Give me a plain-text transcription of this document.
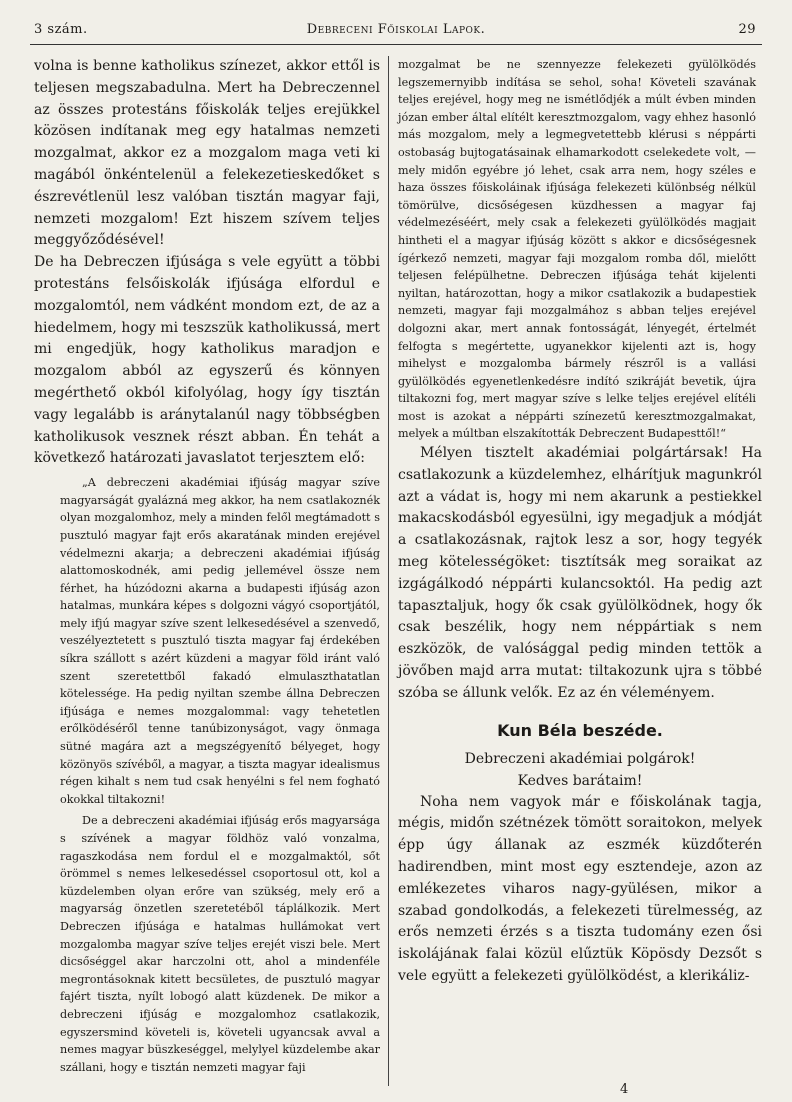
3 szám.	Debreceni Főiskolai Lapok.	29

volna is benne katholikus színezet, akkor ettől is teljesen megszabadulna. Mert ha Debreczennel az összes protestáns főiskolák teljes erejükkel közösen indítanak meg egy hatalmas nemzeti mozgalmat, akkor ez a mozgalom maga veti ki magából önkéntelenül a felekezetieskedőket s észrevétlenül lesz valóban tisztán magyar faji, nemzeti mozgalom! Ezt hiszem szívem teljes meggyőződésével!

De ha Debreczen ifjúsága s vele együtt a többi protestáns felsőiskolák ifjúsága elfordul e mozgalomtól, nem vádként mondom ezt, de az a hiedelmem, hogy mi teszszük katholikussá, mert mi engedjük, hogy katholikus maradjon e mozgalom abból az egyszerű és könnyen megérthető okból kifolyólag, hogy így tisztán vagy legalább is aránytalanúl nagy többségben katholikusok vesznek részt abban. Én tehát a következő határozati javaslatot terjesztem elő:

„A debreczeni akadémiai ifjúság magyar szíve magyarságát gyalázná meg akkor, ha nem csatlakoznék olyan mozgalomhoz, mely a minden felől megtámadott s pusztuló magyar fajt erős akaratának minden erejével védelmezni akarja; a debreczeni akadémiai ifjúság alattomoskodnék, ami pedig jellemével össze nem férhet, ha húzódozni akarna a budapesti ifjúság azon hatalmas, munkára képes s dolgozni vágyó csoportjától, mely ifjú magyar szíve szent lelkesedésével a szenvedő, veszélyeztetett s pusztuló tiszta magyar faj érdekében síkra szállott s azért küzdeni a magyar föld iránt való szent szeretettből fakadó elmulaszthatatlan kötelessége. Ha pedig nyiltan szembe állna Debreczen ifjúsága e nemes mozgalommal: vagy tehetetlen erőlködéséről tenne tanúbizonyságot, vagy önmaga sütné magára azt a megszégyenítő bélyeget, hogy közönyös szívéből, a magyar, a tiszta magyar idealismus régen kihalt s nem tud csak henyélni s fel nem fogható okokkal tiltakozni!

De a debreczeni akadémiai ifjúság erős magyarsága s szívének a magyar földhöz való vonzalma, ragaszkodása nem fordul el e mozgalmaktól, sőt örömmel s nemes lelkesedéssel csoportosul ott, kol a küzdelemben olyan erőre van szükség, mely erő a magyarság önzetlen szeretetéből táplálkozik. Mert Debreczen ifjúsága e hatalmas hullámokat vert mozgalomba magyar szíve teljes erejét viszi bele. Mert dicsőséggel akar harczolni ott, ahol a mindenféle megrontásoknak kitett becsületes, de pusztuló magyar fajért tiszta, nyílt lobogó alatt küzdenek. De mikor a debreczeni ifjúság e mozgalomhoz csatlakozik, egyszersmind követeli is, követeli ugyancsak avval a nemes magyar büszkeséggel, melylyel küzdelembe akar szállani, hogy e tisztán nemzeti magyar faji

mozgalmat be ne szennyezze felekezeti gyülölködés legszemernyibb indítása se sehol, soha! Követeli szavának teljes erejével, hogy meg ne ismétlődjék a múlt évben minden józan ember által elítélt keresztmozgalom, vagy ehhez hasonló más mozgalom, mely a legmegvetettebb klérusi s néppárti ostobaság bujtogatásainak elhamarkodott cselekedete volt, — mely midőn egyébre jó lehet, csak arra nem, hogy széles e haza összes főiskoláinak ifjúsága felekezeti különbség nélkül tömörülve, dicsőségesen küzdhessen a magyar faj védelmezéséért, mely csak a felekezeti gyülölködés magjait hintheti el a magyar ifjúság között s akkor e dicsőségesnek ígérkező nemzeti, magyar faji mozgalom romba dől, mielőtt teljesen felépülhetne. Debreczen ifjúsága tehát kijelenti nyiltan, határozottan, hogy a mikor csatlakozik a budapestiek nemzeti, magyar faji mozgalmához s abban teljes erejével dolgozni akar, mert annak fontosságát, lényegét, értelmét felfogta s megértette, ugyanekkor kijelenti azt is, hogy mihelyst e mozgalomba bármely részről is a vallási gyülölködés egyenetlenkedésre indító szikráját bevetik, újra tiltakozni fog, mert magyar szíve s lelke teljes erejével elítéli most is azokat a néppárti színezetű keresztmozgalmakat, melyek a múltban elszakították Debreczent Budapesttől!“

Mélyen tisztelt akadémiai polgártársak! Ha csatlakozunk a küzdelemhez, elhárítjuk magunkról azt a vádat is, hogy mi nem akarunk a pestiekkel makacskodásból egyesülni, igy megadjuk a módját a csatlakozásnak, rajtok lesz a sor, hogy tegyék meg kötelességöket: tisztítsák meg soraikat az izgágálkodó néppárti kulancsoktól. Ha pedig azt tapasztaljuk, hogy ők csak gyülölködnek, hogy ők csak beszélik, hogy nem néppártiak s nem eszközök, de valósággal pedig minden tettök a jövőben majd arra mutat: tiltakozunk ujra s többé szóba se állunk velők. Ez az én véleményem.

Kun Béla beszéde.

Debreczeni akadémiai polgárok!

Kedves barátaim!

Noha nem vagyok már e főiskolának tagja, mégis, midőn szétnézek tömött soraitokon, melyek épp úgy állanak az eszmék küzdőterén hadirendben, mint most egy esztendeje, azon az emlékezetes viharos nagy-gyülésen, mikor a szabad gondolkodás, a felekezeti türelmesség, az erős nemzeti érzés s a tiszta tudomány ezen ősi iskolájának falai közül elűztük Köpösdy Dezsőt s vele együtt a felekezeti gyülölködést, a klerikáliz-

4
